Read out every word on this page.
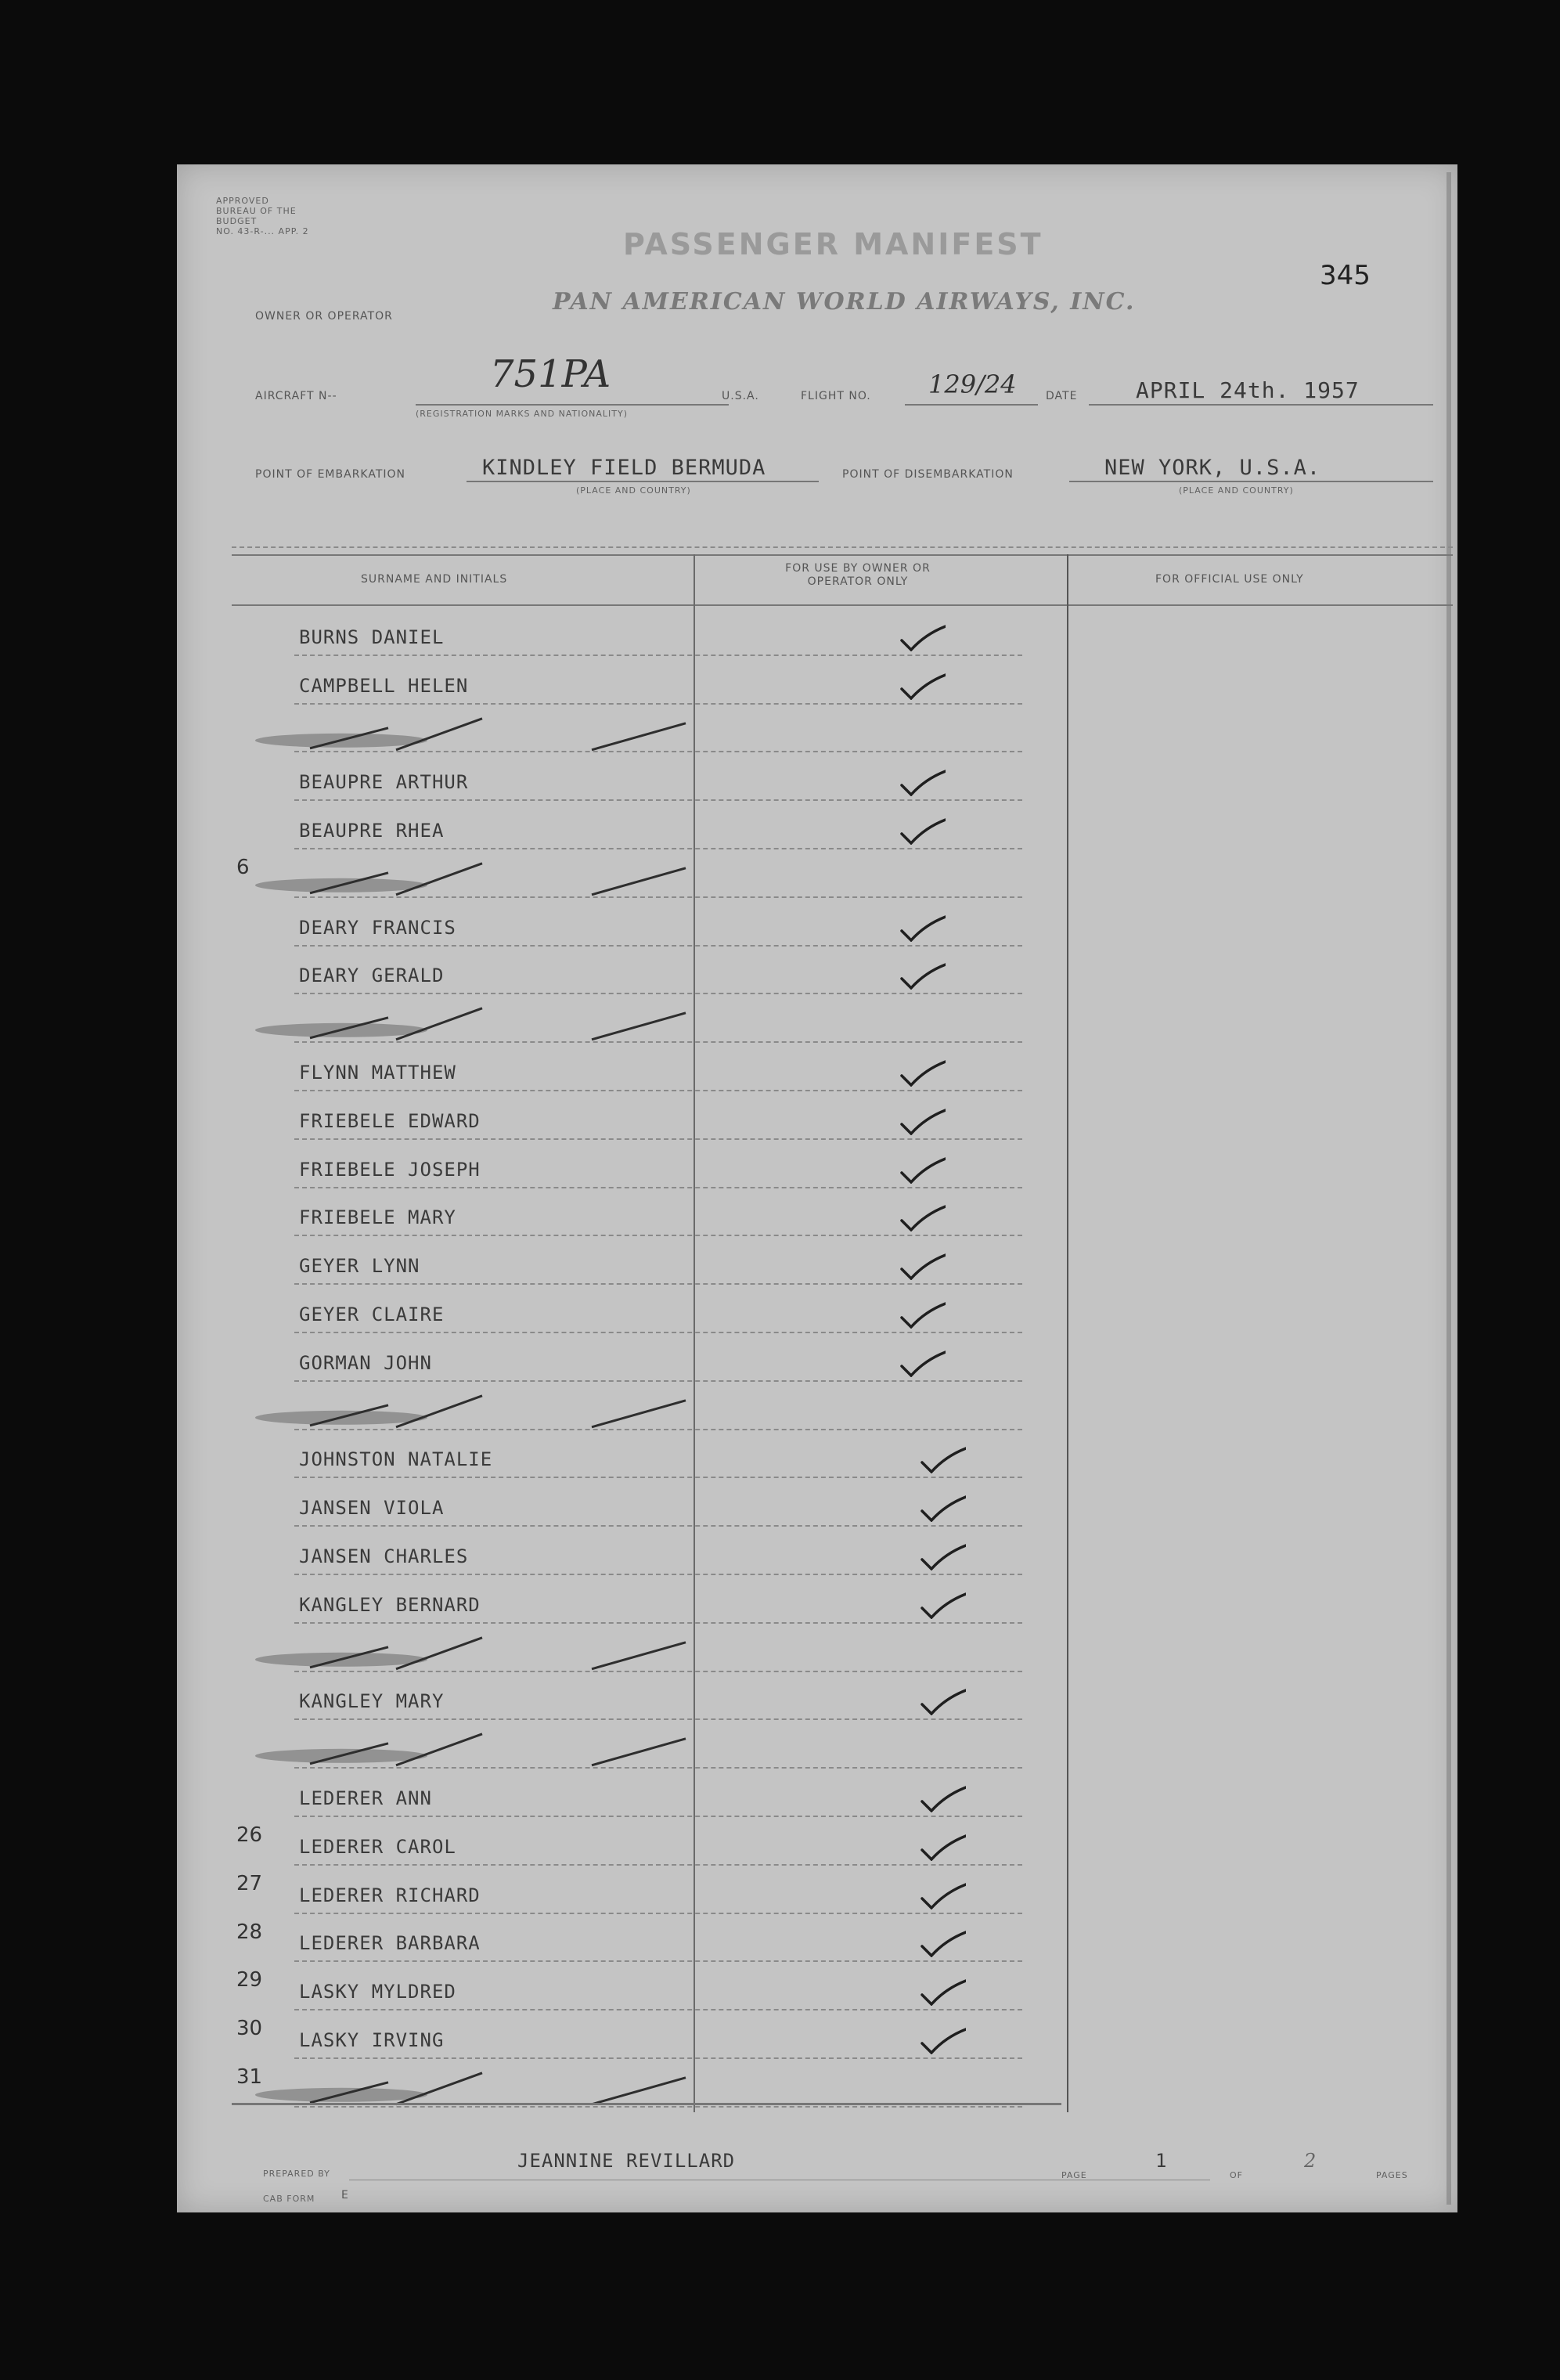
APPROVED
BUREAU OF THE BUDGET
NO. 43-R-... APP. 2
345
PASSENGER MANIFEST
OWNER OR OPERATOR
PAN AMERICAN WORLD AIRWAYS, INC.
AIRCRAFT N--	751PA
(REGISTRATION MARKS AND NATIONALITY)
U.S.A.	FLIGHT NO. 129/24	DATE	APRIL 24th. 1957
POINT OF EMBARKATION	KINDLEY FIELD BERMUDA
(PLACE AND COUNTRY)
POINT OF DISEMBARKATION	NEW YORK, U.S.A.
(PLACE AND COUNTRY)
SURNAME AND INITIALS
FOR USE BY OWNER OR OPERATOR ONLY	FOR OFFICIAL USE ONLY
BURNS DANIEL
CAMPBELL HELEN
BEAUPRE ARTHUR
BEAUPRE RHEA
6
DEARY FRANCIS
DEARY GERALD
FLYNN MATTHEW
FRIEBELE EDWARD
FRIEBELE JOSEPH
FRIEBELE MARY
GEYER LYNN
GEYER CLAIRE
GORMAN JOHN
JOHNSTON NATALIE
JANSEN VIOLA
JANSEN CHARLES
KANGLEY BERNARD
KANGLEY MARY
LEDERER ANN
26 LEDERER CAROL
27 LEDERER RICHARD
28 LEDERER BARBARA
29 LASKY MYLDRED
30 LASKY IRVING
31
PREPARED BY
JEANNINE REVILLARD
PAGE
1
OF
2
PAGES
CAB FORM E
